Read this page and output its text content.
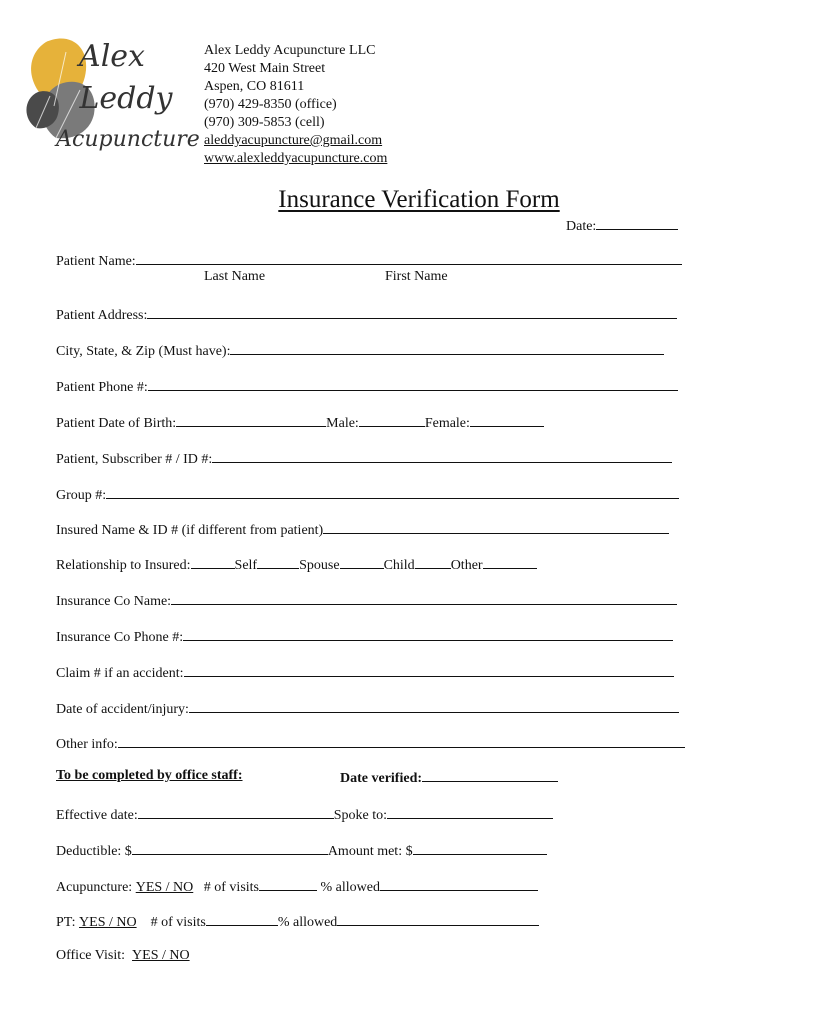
Alex
Leddy
Acupuncture
Alex Leddy Acupuncture LLC
420 West Main Street
Aspen, CO 81611
(970) 429-8350 (office)
(970) 309-5853 (cell)
aleddyacupuncture@gmail.com
www.alexleddyacupuncture.com
Insurance Verification Form
Date:
Patient Name:
Last Name	First Name
Patient Address:
City, State, & Zip (Must have):
Patient Phone #:
Patient Date of Birth:	Male:	Female:
Patient, Subscriber # / ID #:
Group #:
Insured Name & ID # (if different from patient)
Relationship to Insured:	Self	Spouse	Child	Other
Insurance Co Name:
Insurance Co Phone #:
Claim # if an accident:
Date of accident/injury:
Other info:
To be completed by office staff:	Date verified:
Effective date:	Spoke to:
Deductible: $	Amount met: $
Acupuncture: YES / NO # of visits	% allowed
PT: YES / NO # of visits	% allowed
Office Visit: YES / NO
